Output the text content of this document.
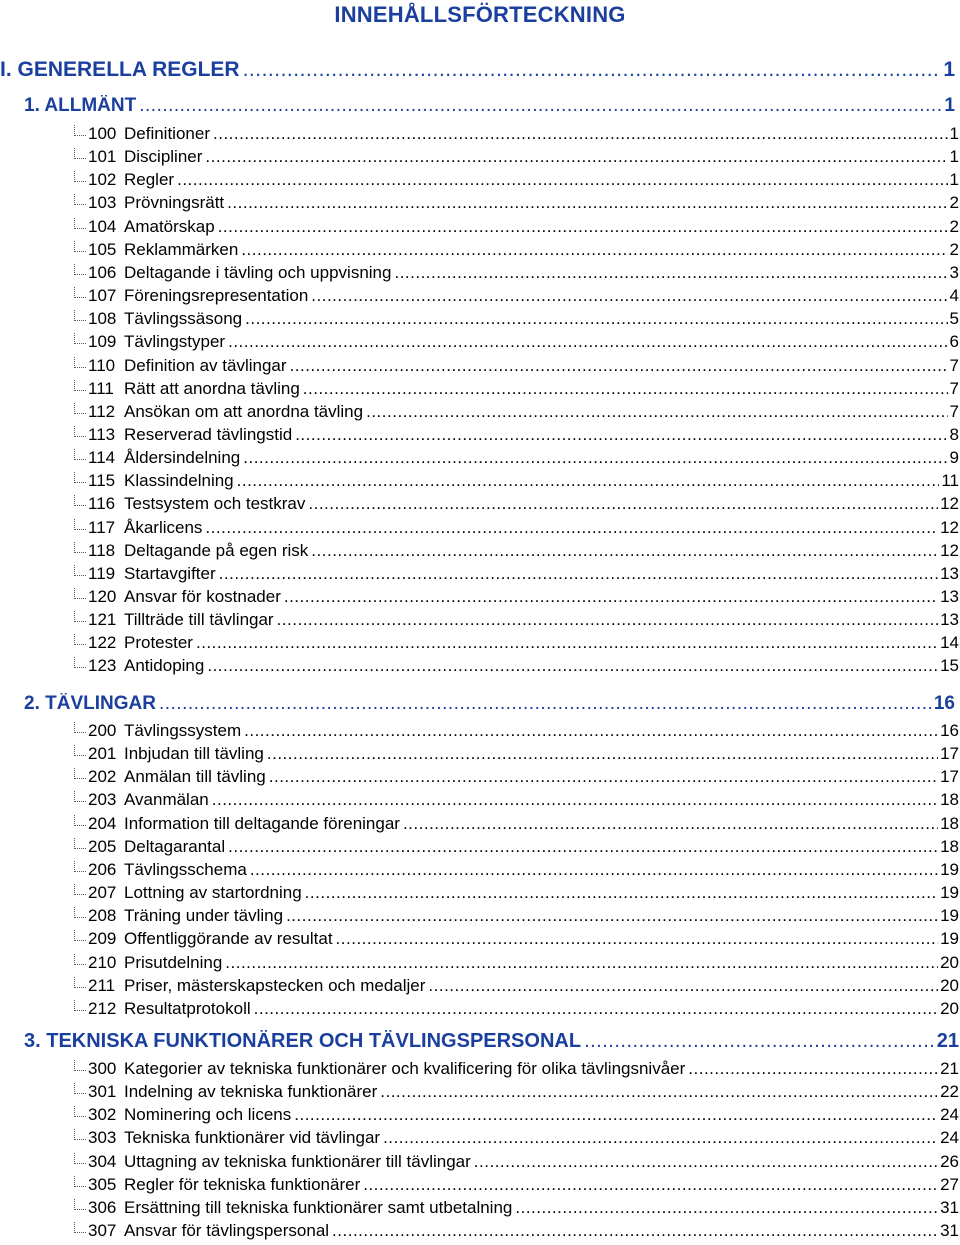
INNEHÅLLSFÖRTECKNING
I. GENERELLA REGLER .....	1
1. ALLMÄNT .....	1
100 Definitioner .....	1
101 Discipliner .....	1
102 Regler .....	1
103 Prövningsrätt .....	2
104 Amatörskap .....	2
105 Reklammärken .....	2
106 Deltagande i tävling och uppvisning .....	3
107 Föreningsrepresentation .....	4
108 Tävlingssäsong .....	5
109 Tävlingstyper .....	6
110 Definition av tävlingar .....	7
111 Rätt att anordna tävling .....	7
112 Ansökan om att anordna tävling .....	7
113 Reserverad tävlingstid .....	8
114 Åldersindelning .....	9
115 Klassindelning .....	11
116 Testsystem och testkrav .....	12
117 Åkarlicens .....	12
118 Deltagande på egen risk .....	12
119 Startavgifter .....	13
120 Ansvar för kostnader .....	13
121 Tillträde till tävlingar .....	13
122 Protester .....	14
123 Antidoping .....	15
2. TÄVLINGAR .....	16
200 Tävlingssystem .....	16
201 Inbjudan till tävling .....	17
202 Anmälan till tävling .....	17
203 Avanmälan .....	18
204 Information till deltagande föreningar .....	18
205 Deltagarantal .....	18
206 Tävlingsschema .....	19
207 Lottning av startordning .....	19
208 Träning under tävling .....	19
209 Offentliggörande av resultat .....	19
210 Prisutdelning .....	20
211 Priser, mästerskapstecken och medaljer .....	20
212 Resultatprotokoll .....	20
3. TEKNISKA FUNKTIONÄRER OCH TÄVLINGSPERSONAL .....	21
300 Kategorier av tekniska funktionärer och kvalificering för olika tävlingsnivåer .....	21
301 Indelning av tekniska funktionärer .....	22
302 Nominering och licens .....	24
303 Tekniska funktionärer vid tävlingar .....	24
304 Uttagning av tekniska funktionärer till tävlingar .....	26
305 Regler för tekniska funktionärer .....	27
306 Ersättning till tekniska funktionärer samt utbetalning .....	31
307 Ansvar för tävlingspersonal .....	31
